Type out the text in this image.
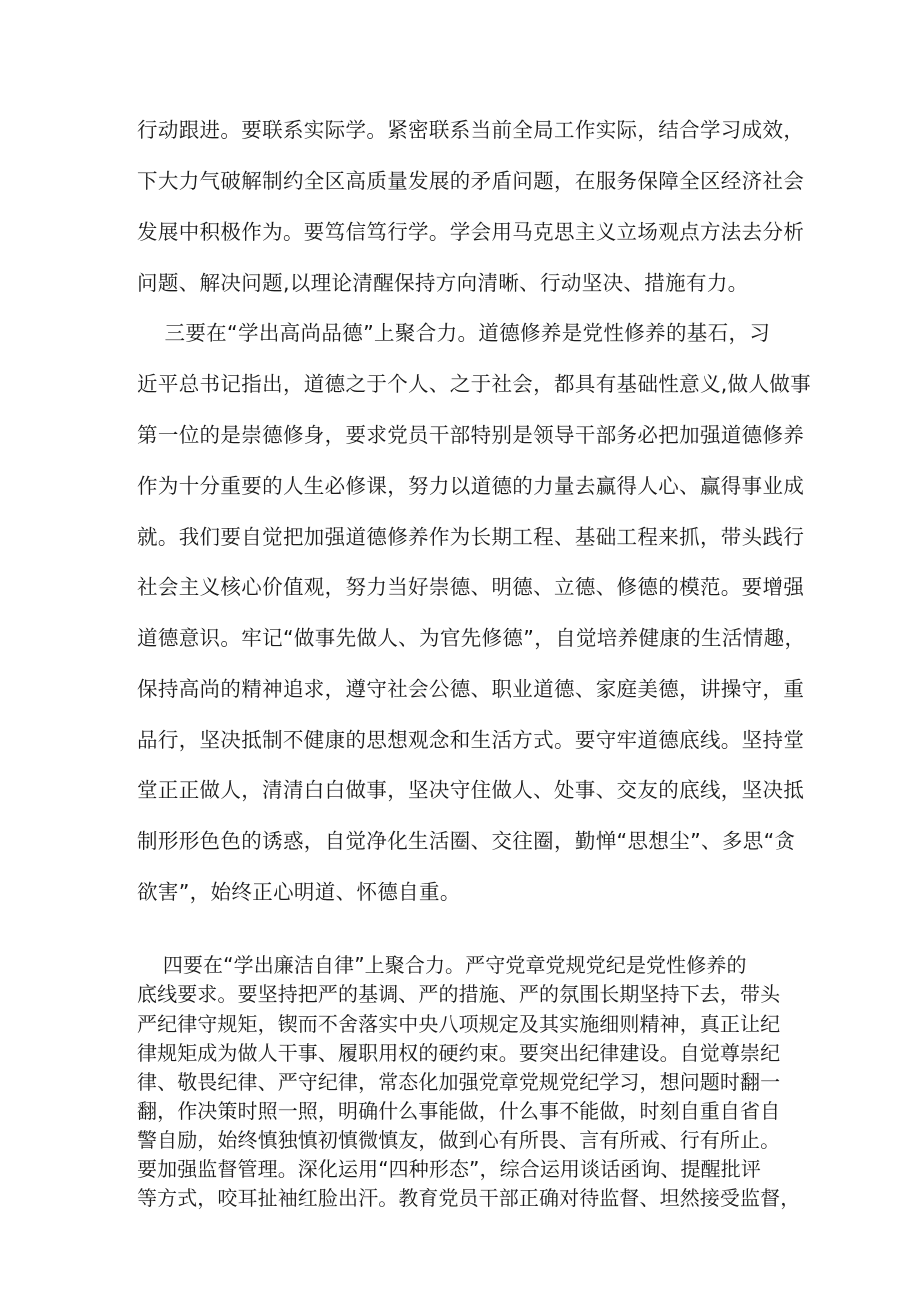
行动跟进。要联系实际学。紧密联系当前全局工作实际，结合学习成效，
下大力气破解制约全区高质量发展的矛盾问题，在服务保障全区经济社会
发展中积极作为。要笃信笃行学。学会用马克思主义立场观点方法去分析
问题、解决问题,以理论清醒保持方向清晰、行动坚决、措施有力。
三要在“学出高尚品德”上聚合力。道德修养是党性修养的基石，习
近平总书记指出，道德之于个人、之于社会，都具有基础性意义,做人做事
第一位的是崇德修身，要求党员干部特别是领导干部务必把加强道德修养
作为十分重要的人生必修课，努力以道德的力量去赢得人心、赢得事业成
就。我们要自觉把加强道德修养作为长期工程、基础工程来抓，带头践行
社会主义核心价值观，努力当好崇德、明德、立德、修德的模范。要增强
道德意识。牢记“做事先做人、为官先修德”，自觉培养健康的生活情趣，
保持高尚的精神追求，遵守社会公德、职业道德、家庭美德，讲操守，重
品行，坚决抵制不健康的思想观念和生活方式。要守牢道德底线。坚持堂
堂正正做人，清清白白做事，坚决守住做人、处事、交友的底线，坚决抵
制形形色色的诱惑，自觉净化生活圈、交往圈，勤惮“思想尘”、多思“贪
欲害”，始终正心明道、怀德自重。
四要在“学出廉洁自律”上聚合力。严守党章党规党纪是党性修养的
底线要求。要坚持把严的基调、严的措施、严的氛围长期坚持下去，带头
严纪律守规矩，锲而不舍落实中央八项规定及其实施细则精神，真正让纪
律规矩成为做人干事、履职用权的硬约束。要突出纪律建设。自觉尊崇纪
律、敬畏纪律、严守纪律，常态化加强党章党规党纪学习，想问题时翻一
翻，作决策时照一照，明确什么事能做，什么事不能做，时刻自重自省自
警自励，始终慎独慎初慎微慎友，做到心有所畏、言有所戒、行有所止。
要加强监督管理。深化运用“四种形态”，综合运用谈话函询、提醒批评
等方式，咬耳扯袖红脸出汗。教育党员干部正确对待监督、坦然接受监督，
